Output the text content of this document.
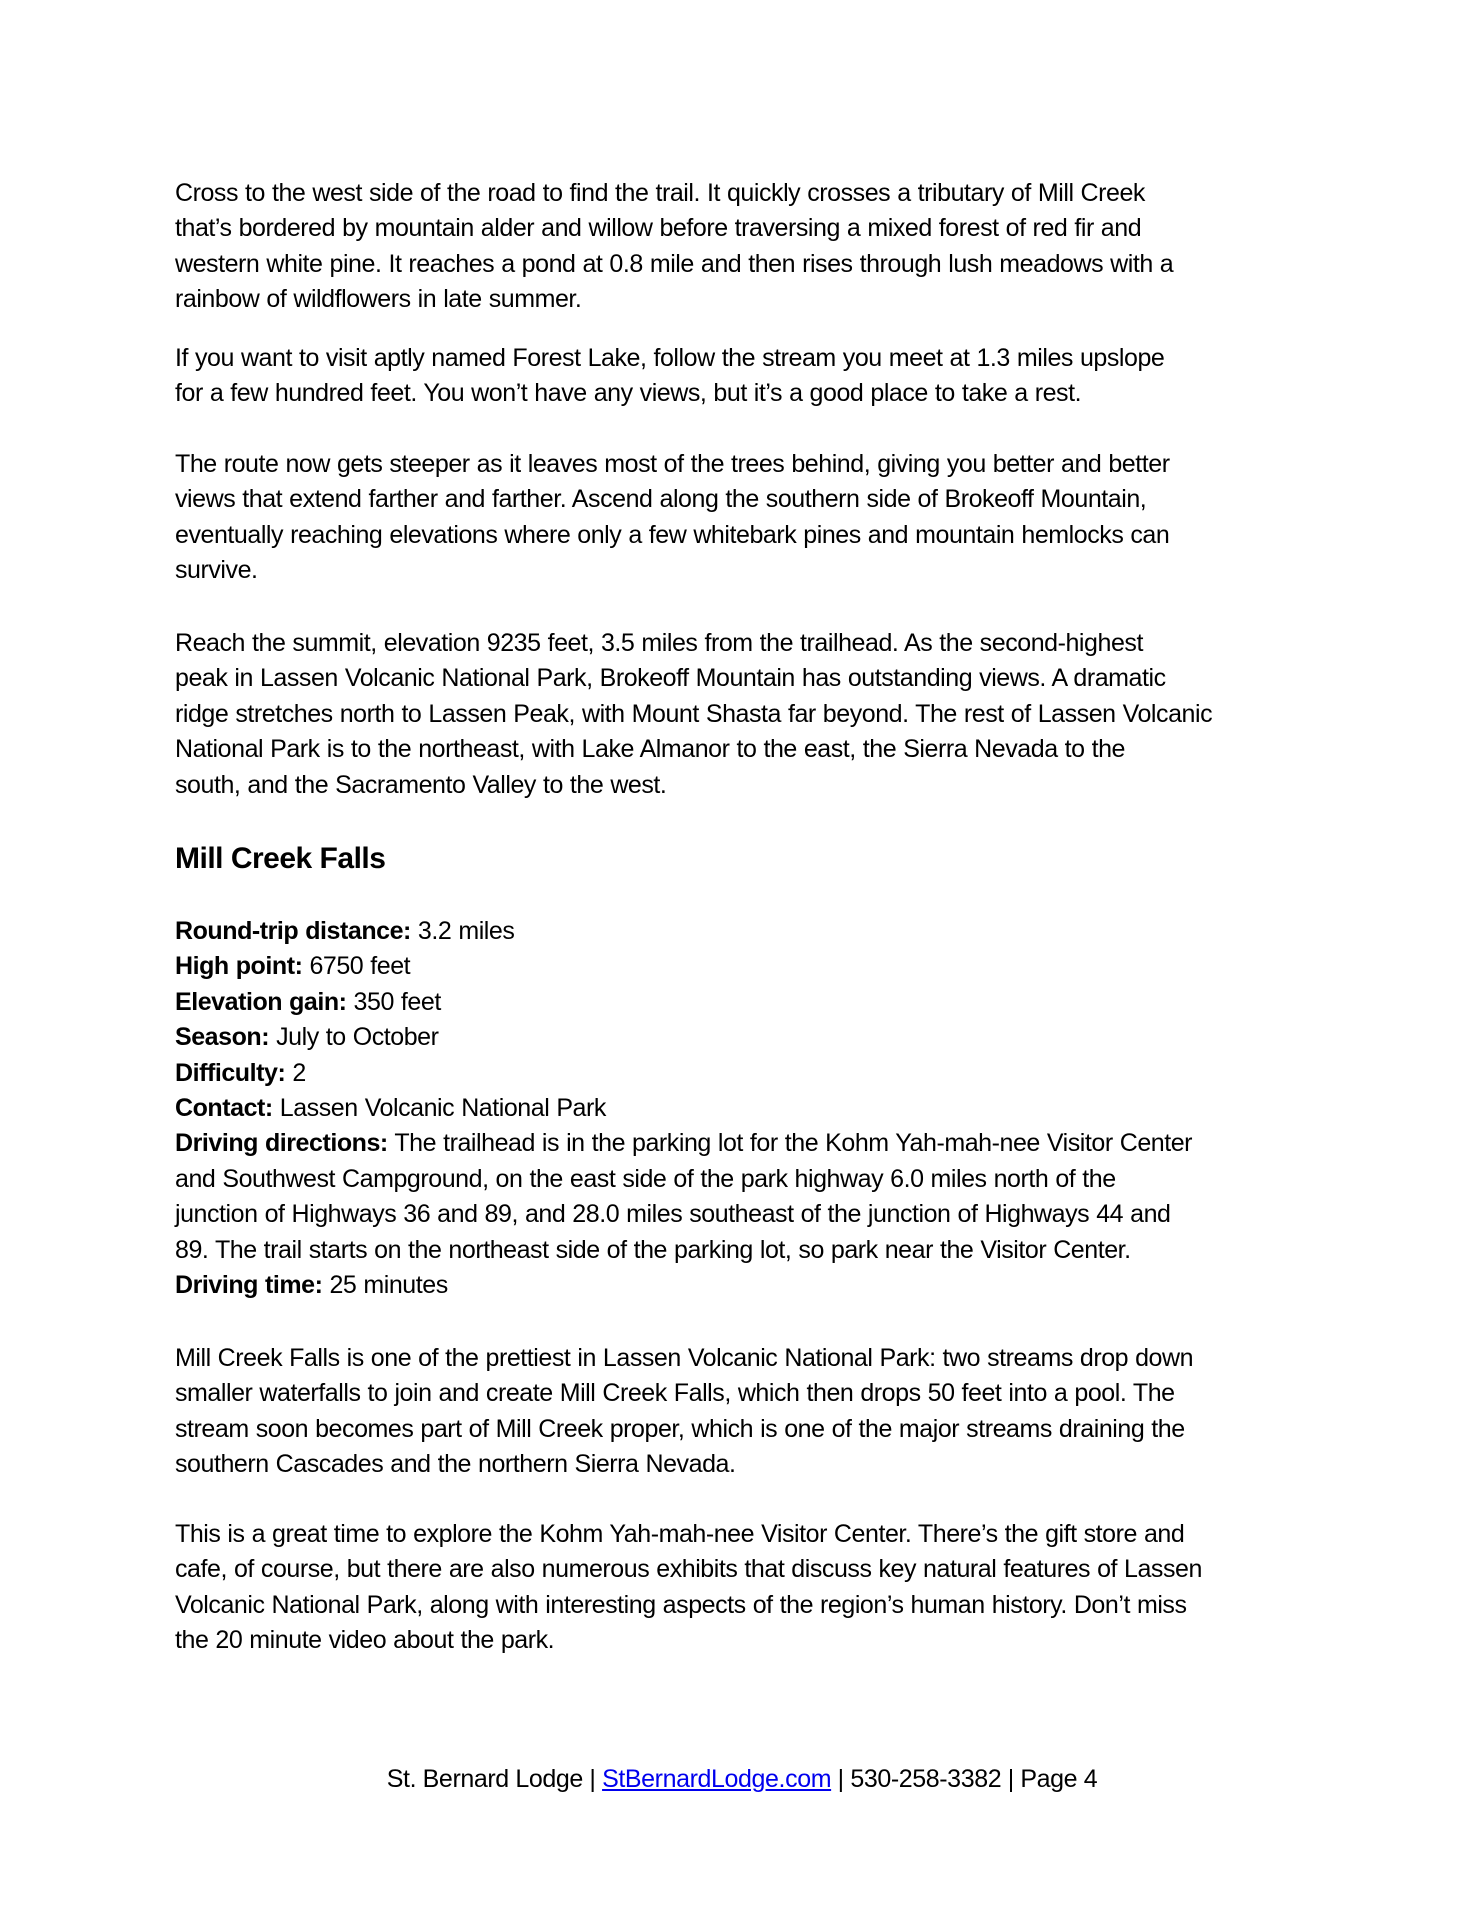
Cross to the west side of the road to find the trail. It quickly crosses a tributary of Mill Creek
that’s bordered by mountain alder and willow before traversing a mixed forest of red fir and
western white pine. It reaches a pond at 0.8 mile and then rises through lush meadows with a
rainbow of wildflowers in late summer.
If you want to visit aptly named Forest Lake, follow the stream you meet at 1.3 miles upslope
for a few hundred feet. You won’t have any views, but it’s a good place to take a rest.
The route now gets steeper as it leaves most of the trees behind, giving you better and better
views that extend farther and farther. Ascend along the southern side of Brokeoff Mountain,
eventually reaching elevations where only a few whitebark pines and mountain hemlocks can
survive.
Reach the summit, elevation 9235 feet, 3.5 miles from the trailhead. As the second-highest
peak in Lassen Volcanic National Park, Brokeoff Mountain has outstanding views. A dramatic
ridge stretches north to Lassen Peak, with Mount Shasta far beyond. The rest of Lassen Volcanic
National Park is to the northeast, with Lake Almanor to the east, the Sierra Nevada to the
south, and the Sacramento Valley to the west.
Mill Creek Falls
Round-trip distance: 3.2 miles
High point: 6750 feet
Elevation gain: 350 feet
Season: July to October
Difficulty: 2
Contact: Lassen Volcanic National Park
Driving directions: The trailhead is in the parking lot for the Kohm Yah-mah-nee Visitor Center
and Southwest Campground, on the east side of the park highway 6.0 miles north of the
junction of Highways 36 and 89, and 28.0 miles southeast of the junction of Highways 44 and
89. The trail starts on the northeast side of the parking lot, so park near the Visitor Center.
Driving time: 25 minutes
Mill Creek Falls is one of the prettiest in Lassen Volcanic National Park: two streams drop down
smaller waterfalls to join and create Mill Creek Falls, which then drops 50 feet into a pool. The
stream soon becomes part of Mill Creek proper, which is one of the major streams draining the
southern Cascades and the northern Sierra Nevada.
This is a great time to explore the Kohm Yah-mah-nee Visitor Center. There’s the gift store and
cafe, of course, but there are also numerous exhibits that discuss key natural features of Lassen
Volcanic National Park, along with interesting aspects of the region’s human history. Don’t miss
the 20 minute video about the park.
St. Bernard Lodge | StBernardLodge.com | 530-258-3382 | Page 4
